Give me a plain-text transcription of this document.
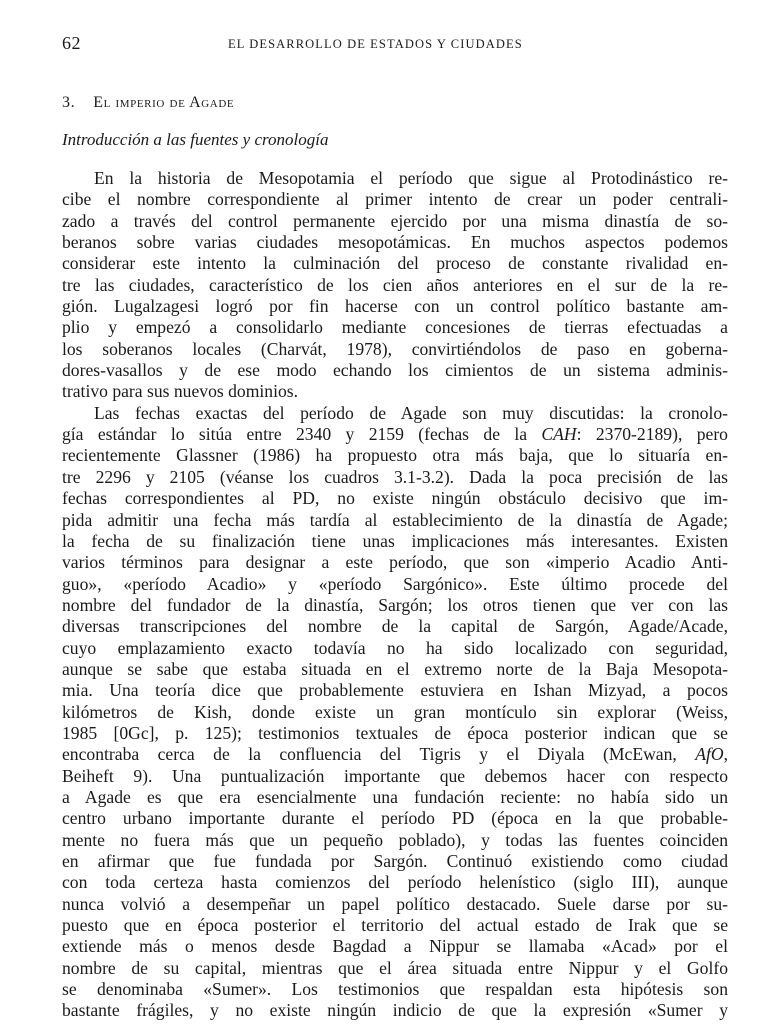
62	EL DESARROLLO DE ESTADOS Y CIUDADES
3. El imperio de Agade
Introducción a las fuentes y cronología
En la historia de Mesopotamia el período que sigue al Protodinástico re-
cibe el nombre correspondiente al primer intento de crear un poder centrali-
zado a través del control permanente ejercido por una misma dinastía de so-
beranos sobre varias ciudades mesopotámicas. En muchos aspectos podemos
considerar este intento la culminación del proceso de constante rivalidad en-
tre las ciudades, característico de los cien años anteriores en el sur de la re-
gión. Lugalzagesi logró por fin hacerse con un control político bastante am-
plio y empezó a consolidarlo mediante concesiones de tierras efectuadas a
los soberanos locales (Charvát, 1978), convirtiéndolos de paso en goberna-
dores-vasallos y de ese modo echando los cimientos de un sistema adminis-
trativo para sus nuevos dominios.
Las fechas exactas del período de Agade son muy discutidas: la cronolo-
gía estándar lo sitúa entre 2340 y 2159 (fechas de la CAH: 2370-2189), pero
recientemente Glassner (1986) ha propuesto otra más baja, que lo situaría en-
tre 2296 y 2105 (véanse los cuadros 3.1-3.2). Dada la poca precisión de las
fechas correspondientes al PD, no existe ningún obstáculo decisivo que im-
pida admitir una fecha más tardía al establecimiento de la dinastía de Agade;
la fecha de su finalización tiene unas implicaciones más interesantes. Existen
varios términos para designar a este período, que son «imperio Acadio Anti-
guo», «período Acadio» y «período Sargónico». Este último procede del
nombre del fundador de la dinastía, Sargón; los otros tienen que ver con las
diversas transcripciones del nombre de la capital de Sargón, Agade/Acade,
cuyo emplazamiento exacto todavía no ha sido localizado con seguridad,
aunque se sabe que estaba situada en el extremo norte de la Baja Mesopota-
mia. Una teoría dice que probablemente estuviera en Ishan Mizyad, a pocos
kilómetros de Kish, donde existe un gran montículo sin explorar (Weiss,
1985 [0Gc], p. 125); testimonios textuales de época posterior indican que se
encontraba cerca de la confluencia del Tigris y el Diyala (McEwan, AfO,
Beiheft 9). Una puntualización importante que debemos hacer con respecto
a Agade es que era esencialmente una fundación reciente: no había sido un
centro urbano importante durante el período PD (época en la que probable-
mente no fuera más que un pequeño poblado), y todas las fuentes coinciden
en afirmar que fue fundada por Sargón. Continuó existiendo como ciudad
con toda certeza hasta comienzos del período helenístico (siglo III), aunque
nunca volvió a desempeñar un papel político destacado. Suele darse por su-
puesto que en época posterior el territorio del actual estado de Irak que se
extiende más o menos desde Bagdad a Nippur se llamaba «Acad» por el
nombre de su capital, mientras que el área situada entre Nippur y el Golfo
se denominaba «Sumer». Los testimonios que respaldan esta hipótesis son
bastante frágiles, y no existe ningún indicio de que la expresión «Sumer y
